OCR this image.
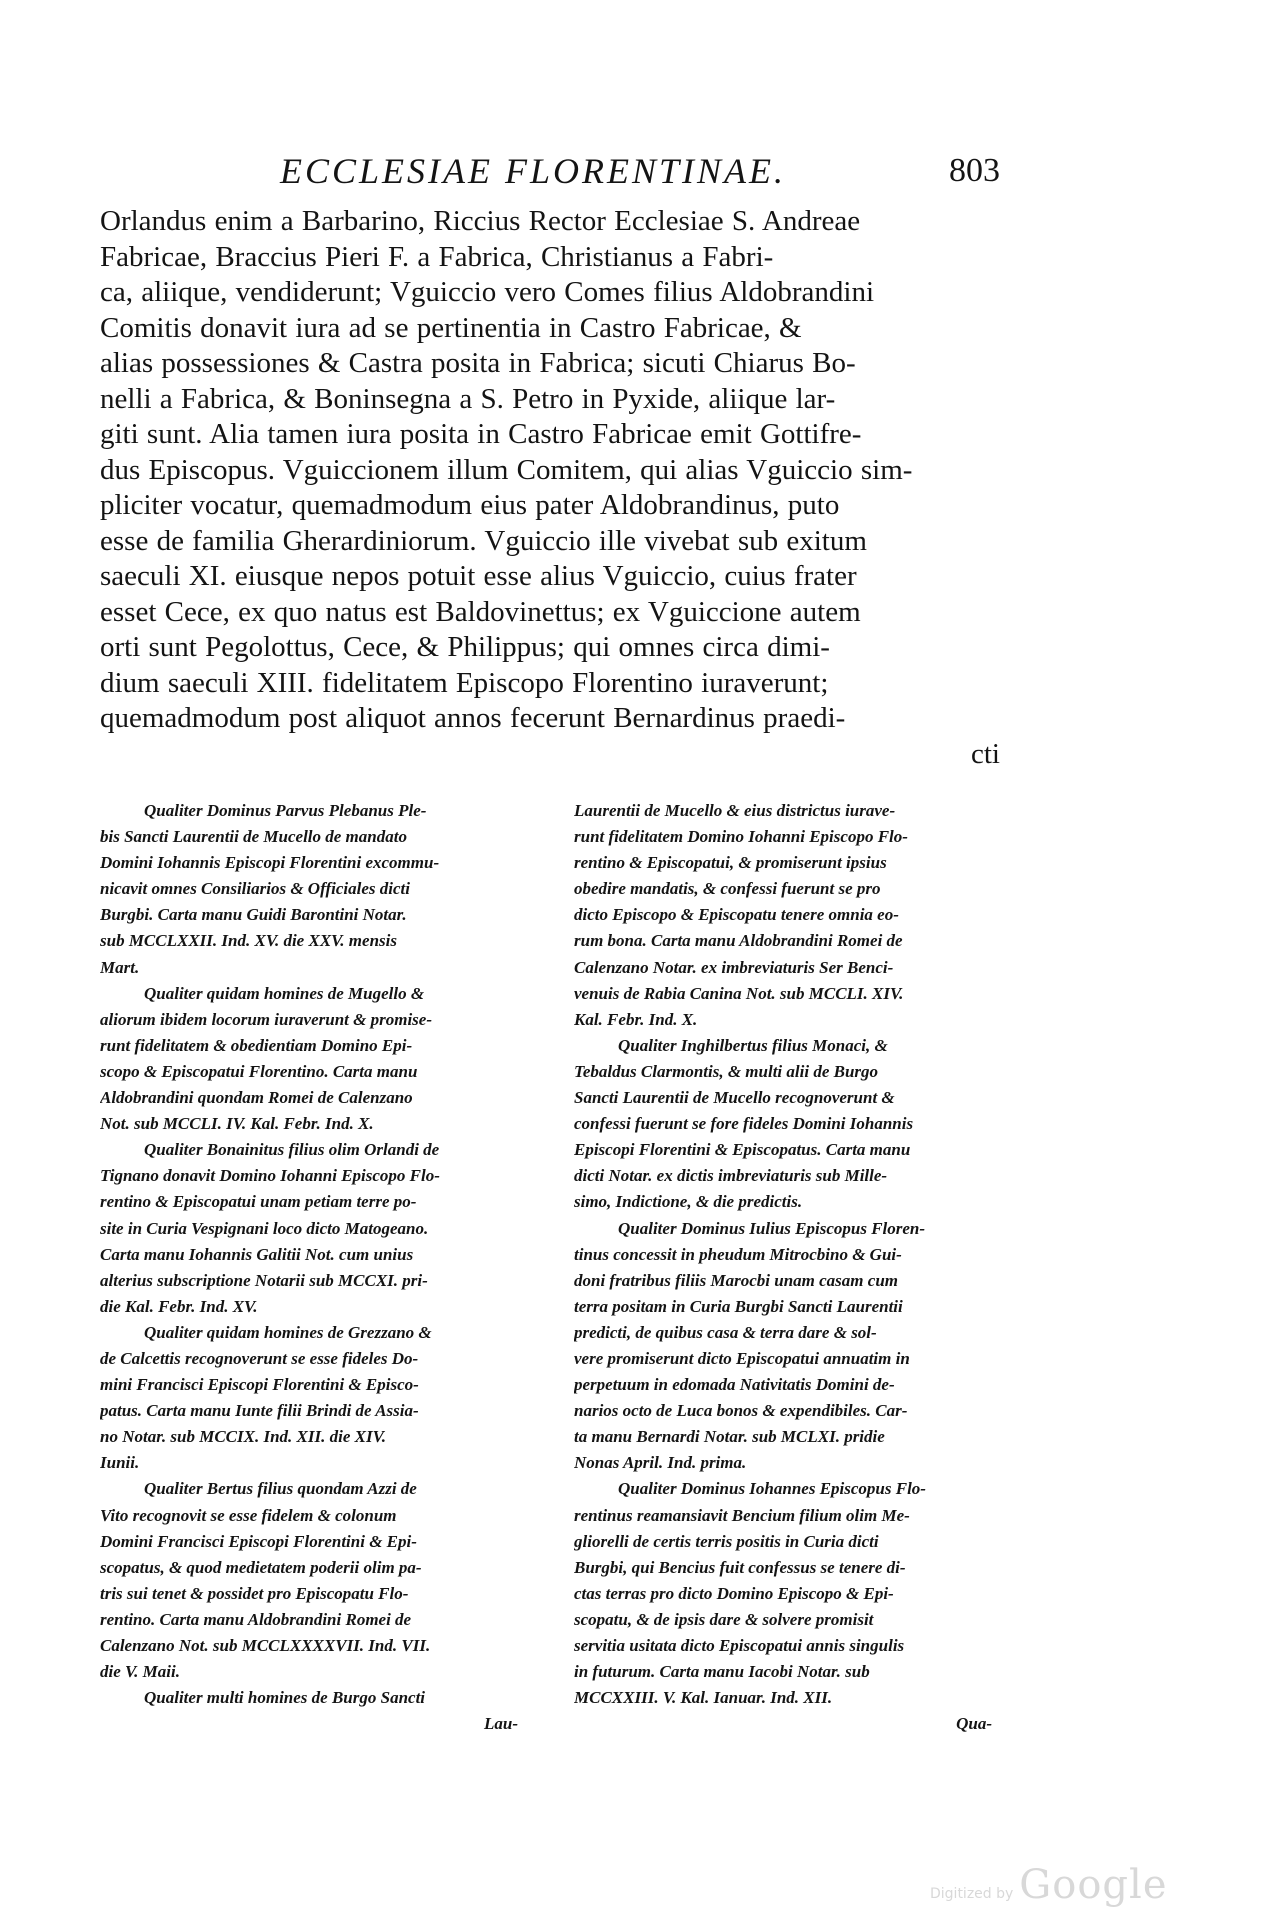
ECCLESIAE FLORENTINAE.	803
Orlandus enim a Barbarino, Riccius Rector Ecclesiae S. Andreae
Fabricae, Braccius Pieri F. a Fabrica, Christianus a Fabri-
ca, aliique, vendiderunt; Vguiccio vero Comes filius Aldobrandini
Comitis donavit iura ad se pertinentia in Castro Fabricae, &
alias possessiones & Castra posita in Fabrica; sicuti Chiarus Bo-
nelli a Fabrica, & Boninsegna a S. Petro in Pyxide, aliique lar-
giti sunt. Alia tamen iura posita in Castro Fabricae emit Gottifre-
dus Episcopus. Vguiccionem illum Comitem, qui alias Vguiccio sim-
pliciter vocatur, quemadmodum eius pater Aldobrandinus, puto
esse de familia Gherardiniorum. Vguiccio ille vivebat sub exitum
saeculi XI. eiusque nepos potuit esse alius Vguiccio, cuius frater
esset Cece, ex quo natus est Baldovinettus; ex Vguiccione autem
orti sunt Pegolottus, Cece, & Philippus; qui omnes circa dimi-
dium saeculi XIII. fidelitatem Episcopo Florentino iuraverunt;
quemadmodum post aliquot annos fecerunt Bernardinus praedi-
cti
Qualiter Dominus Parvus Plebanus Ple-
bis Sancti Laurentii de Mucello de mandato
Domini Iohannis Episcopi Florentini excommu-
nicavit omnes Consiliarios & Officiales dicti
Burgbi. Carta manu Guidi Barontini Notar.
sub MCCLXXII. Ind. XV. die XXV. mensis
Mart.
Qualiter quidam homines de Mugello &
aliorum ibidem locorum iuraverunt & promise-
runt fidelitatem & obedientiam Domino Epi-
scopo & Episcopatui Florentino. Carta manu
Aldobrandini quondam Romei de Calenzano
Not. sub MCCLI. IV. Kal. Febr. Ind. X.
Qualiter Bonainitus filius olim Orlandi de
Tignano donavit Domino Iohanni Episcopo Flo-
rentino & Episcopatui unam petiam terre po-
site in Curia Vespignani loco dicto Matogeano.
Carta manu Iohannis Galitii Not. cum unius
alterius subscriptione Notarii sub MCCXI. pri-
die Kal. Febr. Ind. XV.
Qualiter quidam homines de Grezzano &
de Calcettis recognoverunt se esse fideles Do-
mini Francisci Episcopi Florentini & Episco-
patus. Carta manu Iunte filii Brindi de Assia-
no Notar. sub MCCIX. Ind. XII. die XIV.
Iunii.
Qualiter Bertus filius quondam Azzi de
Vito recognovit se esse fidelem & colonum
Domini Francisci Episcopi Florentini & Epi-
scopatus, & quod medietatem poderii olim pa-
tris sui tenet & possidet pro Episcopatu Flo-
rentino. Carta manu Aldobrandini Romei de
Calenzano Not. sub MCCLXXXXVII. Ind. VII.
die V. Maii.
Qualiter multi homines de Burgo Sancti
Lau-
Laurentii de Mucello & eius districtus iurave-
runt fidelitatem Domino Iohanni Episcopo Flo-
rentino & Episcopatui, & promiserunt ipsius
obedire mandatis, & confessi fuerunt se pro
dicto Episcopo & Episcopatu tenere omnia eo-
rum bona. Carta manu Aldobrandini Romei de
Calenzano Notar. ex imbreviaturis Ser Benci-
venuis de Rabia Canina Not. sub MCCLI. XIV.
Kal. Febr. Ind. X.
Qualiter Inghilbertus filius Monaci, &
Tebaldus Clarmontis, & multi alii de Burgo
Sancti Laurentii de Mucello recognoverunt &
confessi fuerunt se fore fideles Domini Iohannis
Episcopi Florentini & Episcopatus. Carta manu
dicti Notar. ex dictis imbreviaturis sub Mille-
simo, Indictione, & die predictis.
Qualiter Dominus Iulius Episcopus Floren-
tinus concessit in pheudum Mitrocbino & Gui-
doni fratribus filiis Marocbi unam casam cum
terra positam in Curia Burgbi Sancti Laurentii
predicti, de quibus casa & terra dare & sol-
vere promiserunt dicto Episcopatui annuatim in
perpetuum in edomada Nativitatis Domini de-
narios octo de Luca bonos & expendibiles. Car-
ta manu Bernardi Notar. sub MCLXI. pridie
Nonas April. Ind. prima.
Qualiter Dominus Iohannes Episcopus Flo-
rentinus reamansiavit Bencium filium olim Me-
gliorelli de certis terris positis in Curia dicti
Burgbi, qui Bencius fuit confessus se tenere di-
ctas terras pro dicto Domino Episcopo & Epi-
scopatu, & de ipsis dare & solvere promisit
servitia usitata dicto Episcopatui annis singulis
in futurum. Carta manu Iacobi Notar. sub
MCCXXIII. V. Kal. Ianuar. Ind. XII.
Qua-
Digitized by Google
